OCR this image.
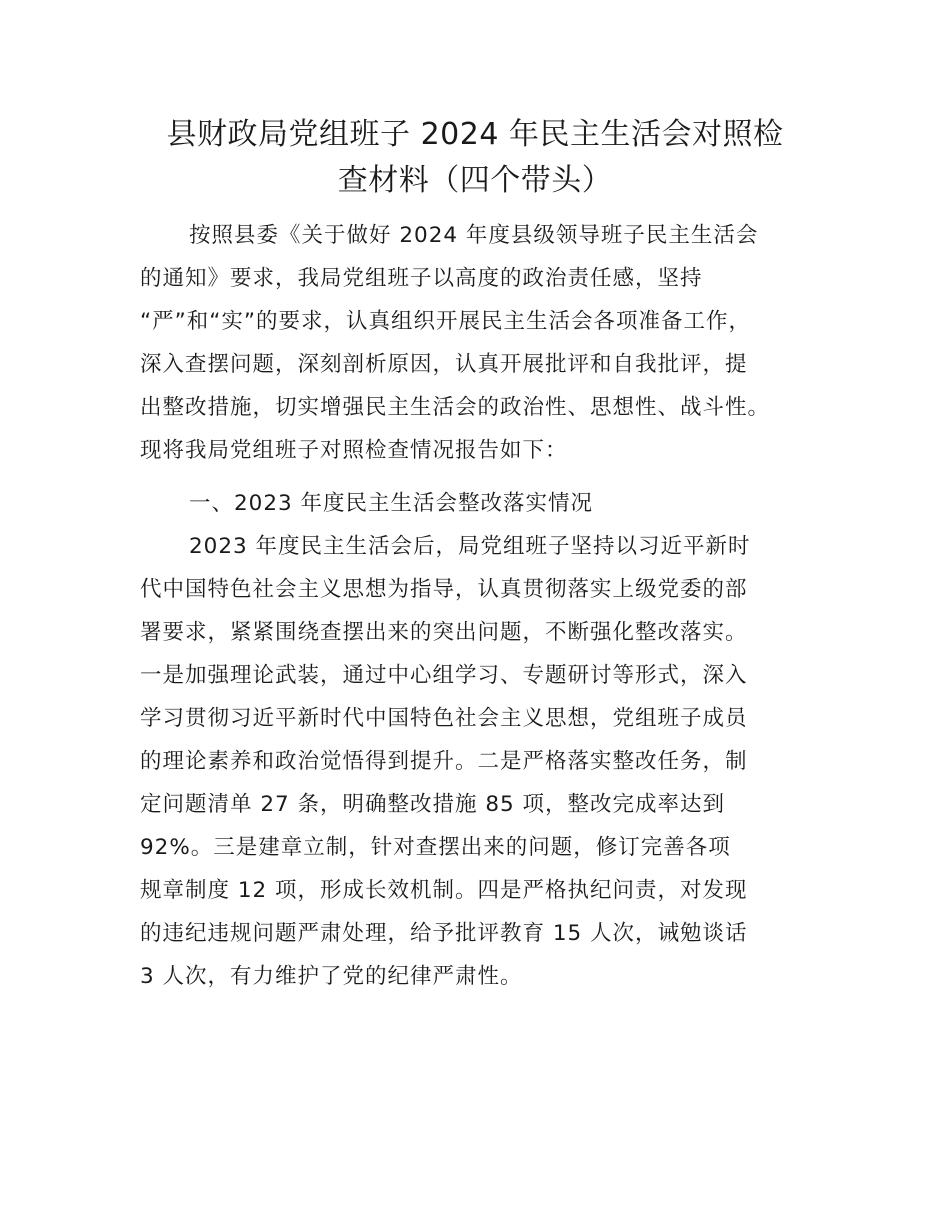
县财政局党组班子 2024 年民主生活会对照检
查材料（四个带头）

按照县委《关于做好 2024 年度县级领导班子民主生活会
的通知》要求，我局党组班子以高度的政治责任感，坚持
“严”和“实”的要求，认真组织开展民主生活会各项准备工作，
深入查摆问题，深刻剖析原因，认真开展批评和自我批评，提
出整改措施，切实增强民主生活会的政治性、思想性、战斗性。
现将我局党组班子对照检查情况报告如下：

一、2023 年度民主生活会整改落实情况

2023 年度民主生活会后，局党组班子坚持以习近平新时
代中国特色社会主义思想为指导，认真贯彻落实上级党委的部
署要求，紧紧围绕查摆出来的突出问题，不断强化整改落实。
一是加强理论武装，通过中心组学习、专题研讨等形式，深入
学习贯彻习近平新时代中国特色社会主义思想，党组班子成员
的理论素养和政治觉悟得到提升。二是严格落实整改任务，制
定问题清单 27 条，明确整改措施 85 项，整改完成率达到
92%。三是建章立制，针对查摆出来的问题，修订完善各项
规章制度 12 项，形成长效机制。四是严格执纪问责，对发现
的违纪违规问题严肃处理，给予批评教育 15 人次，诫勉谈话
3 人次，有力维护了党的纪律严肃性。
